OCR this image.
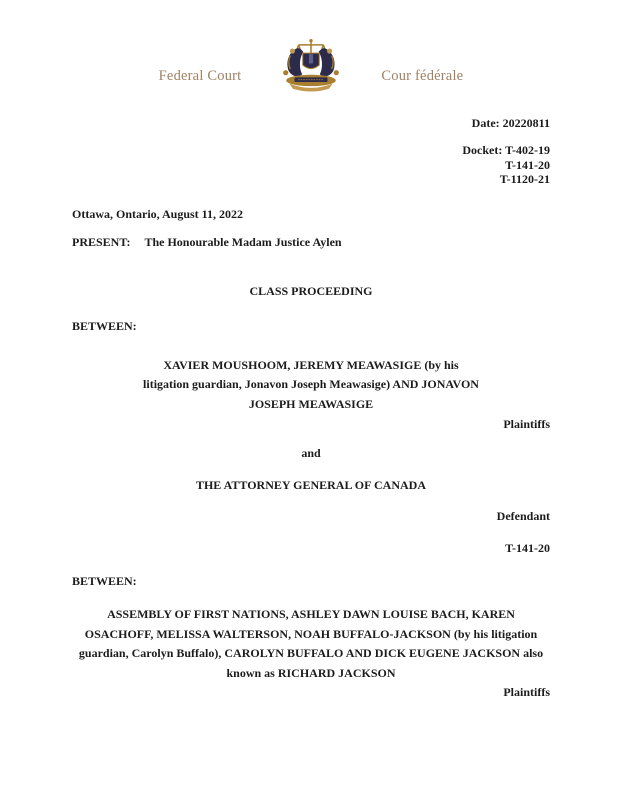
Federal Court	Cour fédérale
Date: 20220811
Docket: T-402-19
T-141-20
T-1120-21
Ottawa, Ontario, August 11, 2022
PRESENT: The Honourable Madam Justice Aylen
CLASS PROCEEDING
BETWEEN:
XAVIER MOUSHOOM, JEREMY MEAWASIGE (by his
litigation guardian, Jonavon Joseph Meawasige) AND JONAVON
JOSEPH MEAWASIGE
Plaintiffs
and
THE ATTORNEY GENERAL OF CANADA
Defendant
T-141-20
BETWEEN:
ASSEMBLY OF FIRST NATIONS, ASHLEY DAWN LOUISE BACH, KAREN
OSACHOFF, MELISSA WALTERSON, NOAH BUFFALO-JACKSON (by his litigation
guardian, Carolyn Buffalo), CAROLYN BUFFALO AND DICK EUGENE JACKSON also
known as RICHARD JACKSON
Plaintiffs
